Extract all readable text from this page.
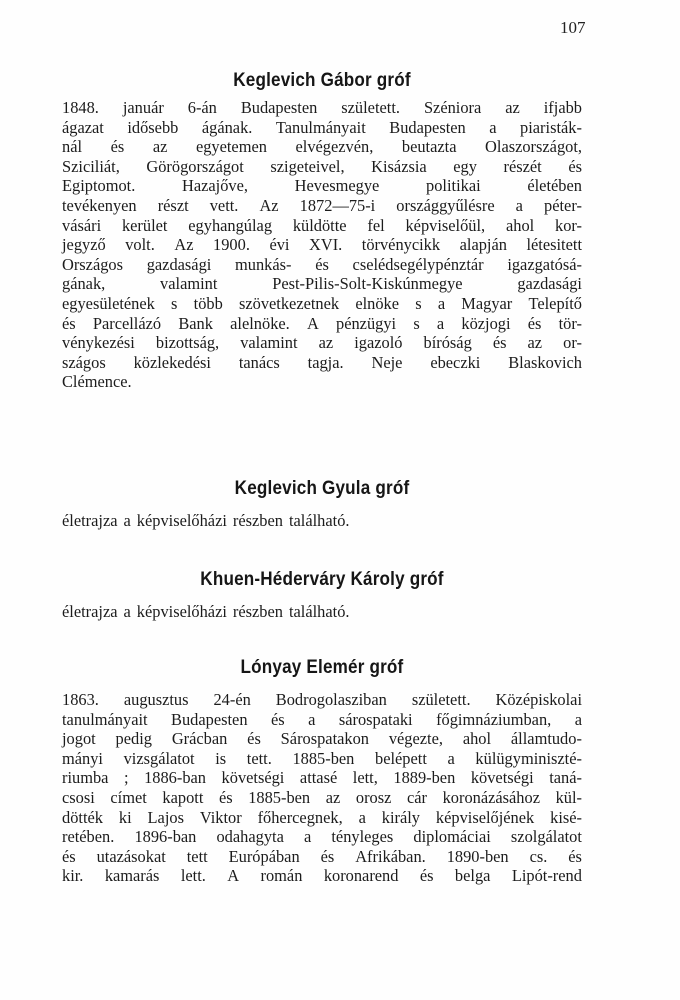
107
Keglevich Gábor gróf
1848. január 6-án Budapesten született. Széniora az ifjabb
ágazat idősebb ágának. Tanulmányait Budapesten a piaristák-
nál és az egyetemen elvégezvén, beutazta Olaszországot,
Sziciliát, Görögországot szigeteivel, Kisázsia egy részét és
Egiptomot.	Hazajőve,	Hevesmegye	politikai	életében
tevékenyen részt vett. Az 1872—75-i országgyűlésre a péter-
vásári kerület egyhangúlag küldötte fel képviselőül, ahol kor-
jegyző volt. Az 1900. évi XVI. törvénycikk alapján létesitett
Országos gazdasági munkás- és cselédsegélypénztár igazgatósá-
gának,	valamint	Pest-Pilis-Solt-Kiskúnmegye	gazdasági
egyesületének s több szövetkezetnek elnöke s a Magyar Telepítő
és Parcellázó Bank alelnöke. A pénzügyi s a közjogi és tör-
vénykezési bizottság, valamint az igazoló bíróság és az or-
szágos közlekedési tanács tagja. Neje ebeczki Blaskovich
Clémence.
Keglevich Gyula gróf
életrajza a képviselőházi részben található.
Khuen-Héderváry Károly gróf
életrajza a képviselőházi részben található.
Lónyay Elemér gróf
1863. augusztus 24-én Bodrogolasziban született. Középiskolai
tanulmányait Budapesten és a sárospataki főgimnáziumban, a
jogot pedig Grácban és Sárospatakon végezte, ahol államtudo-
mányi vizsgálatot is tett. 1885-ben belépett a külügyminiszté-
riumba ; 1886-ban követségi attasé lett, 1889-ben követségi taná-
csosi címet kapott és 1885-ben az orosz cár koronázásához kül-
dötték ki Lajos Viktor főhercegnek, a király képviselőjének kisé-
retében. 1896-ban odahagyta a tényleges diplomáciai szolgálatot
és utazásokat tett Európában és Afrikában. 1890-ben cs. és
kir. kamarás lett. A román koronarend és belga Lipót-rend
